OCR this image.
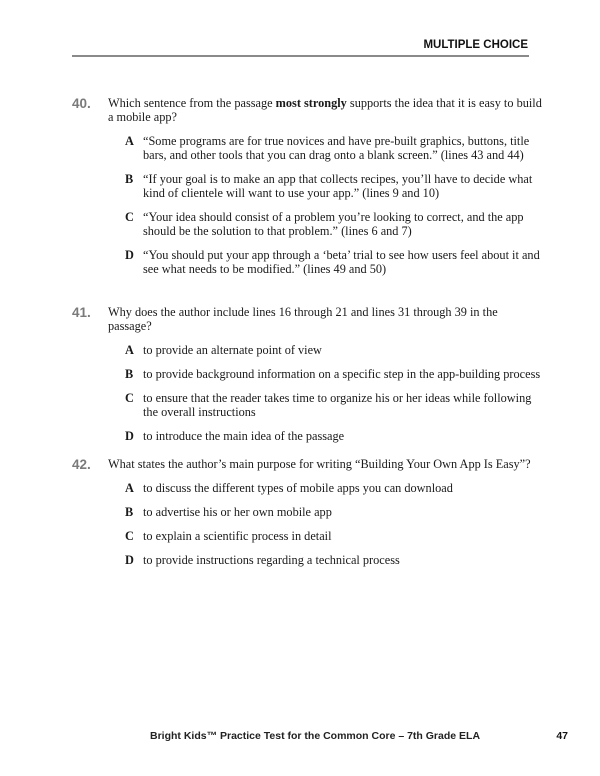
MULTIPLE CHOICE
40. Which sentence from the passage most strongly supports the idea that it is easy to build a mobile app?
A “Some programs are for true novices and have pre-built graphics, buttons, title bars, and other tools that you can drag onto a blank screen.” (lines 43 and 44)
B “If your goal is to make an app that collects recipes, you’ll have to decide what kind of clientele will want to use your app.” (lines 9 and 10)
C “Your idea should consist of a problem you’re looking to correct, and the app should be the solution to that problem.” (lines 6 and 7)
D “You should put your app through a ‘beta’ trial to see how users feel about it and see what needs to be modified.” (lines 49 and 50)
41. Why does the author include lines 16 through 21 and lines 31 through 39 in the passage?
A to provide an alternate point of view
B to provide background information on a specific step in the app-building process
C to ensure that the reader takes time to organize his or her ideas while following the overall instructions
D to introduce the main idea of the passage
42. What states the author’s main purpose for writing “Building Your Own App Is Easy”?
A to discuss the different types of mobile apps you can download
B to advertise his or her own mobile app
C to explain a scientific process in detail
D to provide instructions regarding a technical process
Bright Kids™ Practice Test for the Common Core – 7th Grade ELA	47
